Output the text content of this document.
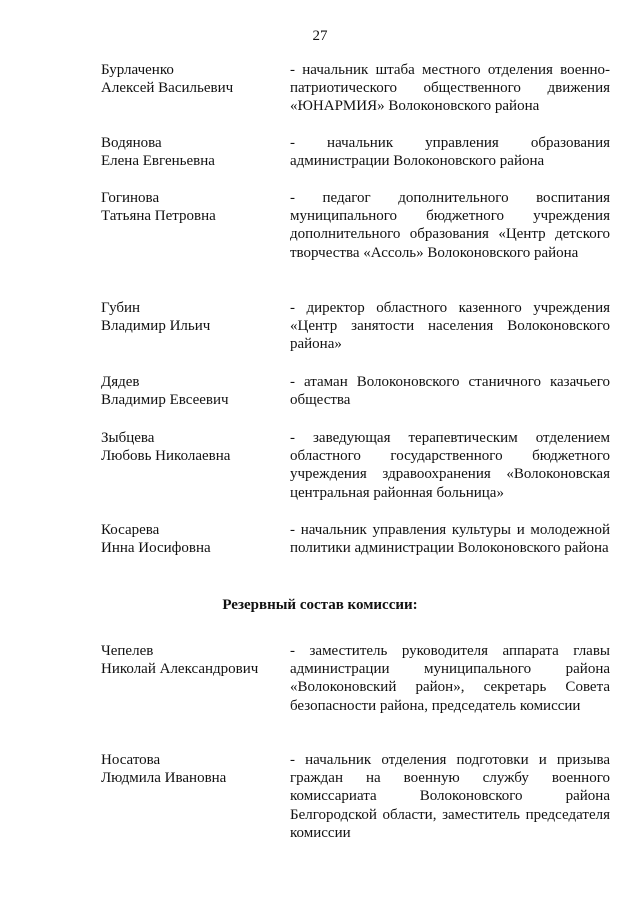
27
Бурлаченко
Алексей Васильевич
- начальник штаба местного отделения военно-патриотического общественного движения «ЮНАРМИЯ» Волоконовского района
Водянова
Елена Евгеньевна
- начальник управления образования администрации Волоконовского района
Гогинова
Татьяна Петровна
- педагог дополнительного воспитания муниципального бюджетного учреждения дополнительного образования «Центр детского творчества «Ассоль» Волоконовского района
Губин
Владимир Ильич
- директор областного казенного учреждения «Центр занятости населения Волоконовского района»
Дядев
Владимир Евсеевич
- атаман Волоконовского станичного казачьего общества
Зыбцева
Любовь Николаевна
- заведующая терапевтическим отделением областного государственного бюджетного учреждения здравоохранения «Волоконовская центральная районная больница»
Косарева
Инна Иосифовна
- начальник управления культуры и молодежной политики администрации Волоконовского района
Резервный состав комиссии:
Чепелев
Николай Александрович
- заместитель руководителя аппарата главы администрации муниципального района «Волоконовский район», секретарь Совета безопасности района, председатель комиссии
Носатова
Людмила Ивановна
- начальник отделения подготовки и призыва граждан на военную службу военного комиссариата Волоконовского района Белгородской области, заместитель председателя комиссии
